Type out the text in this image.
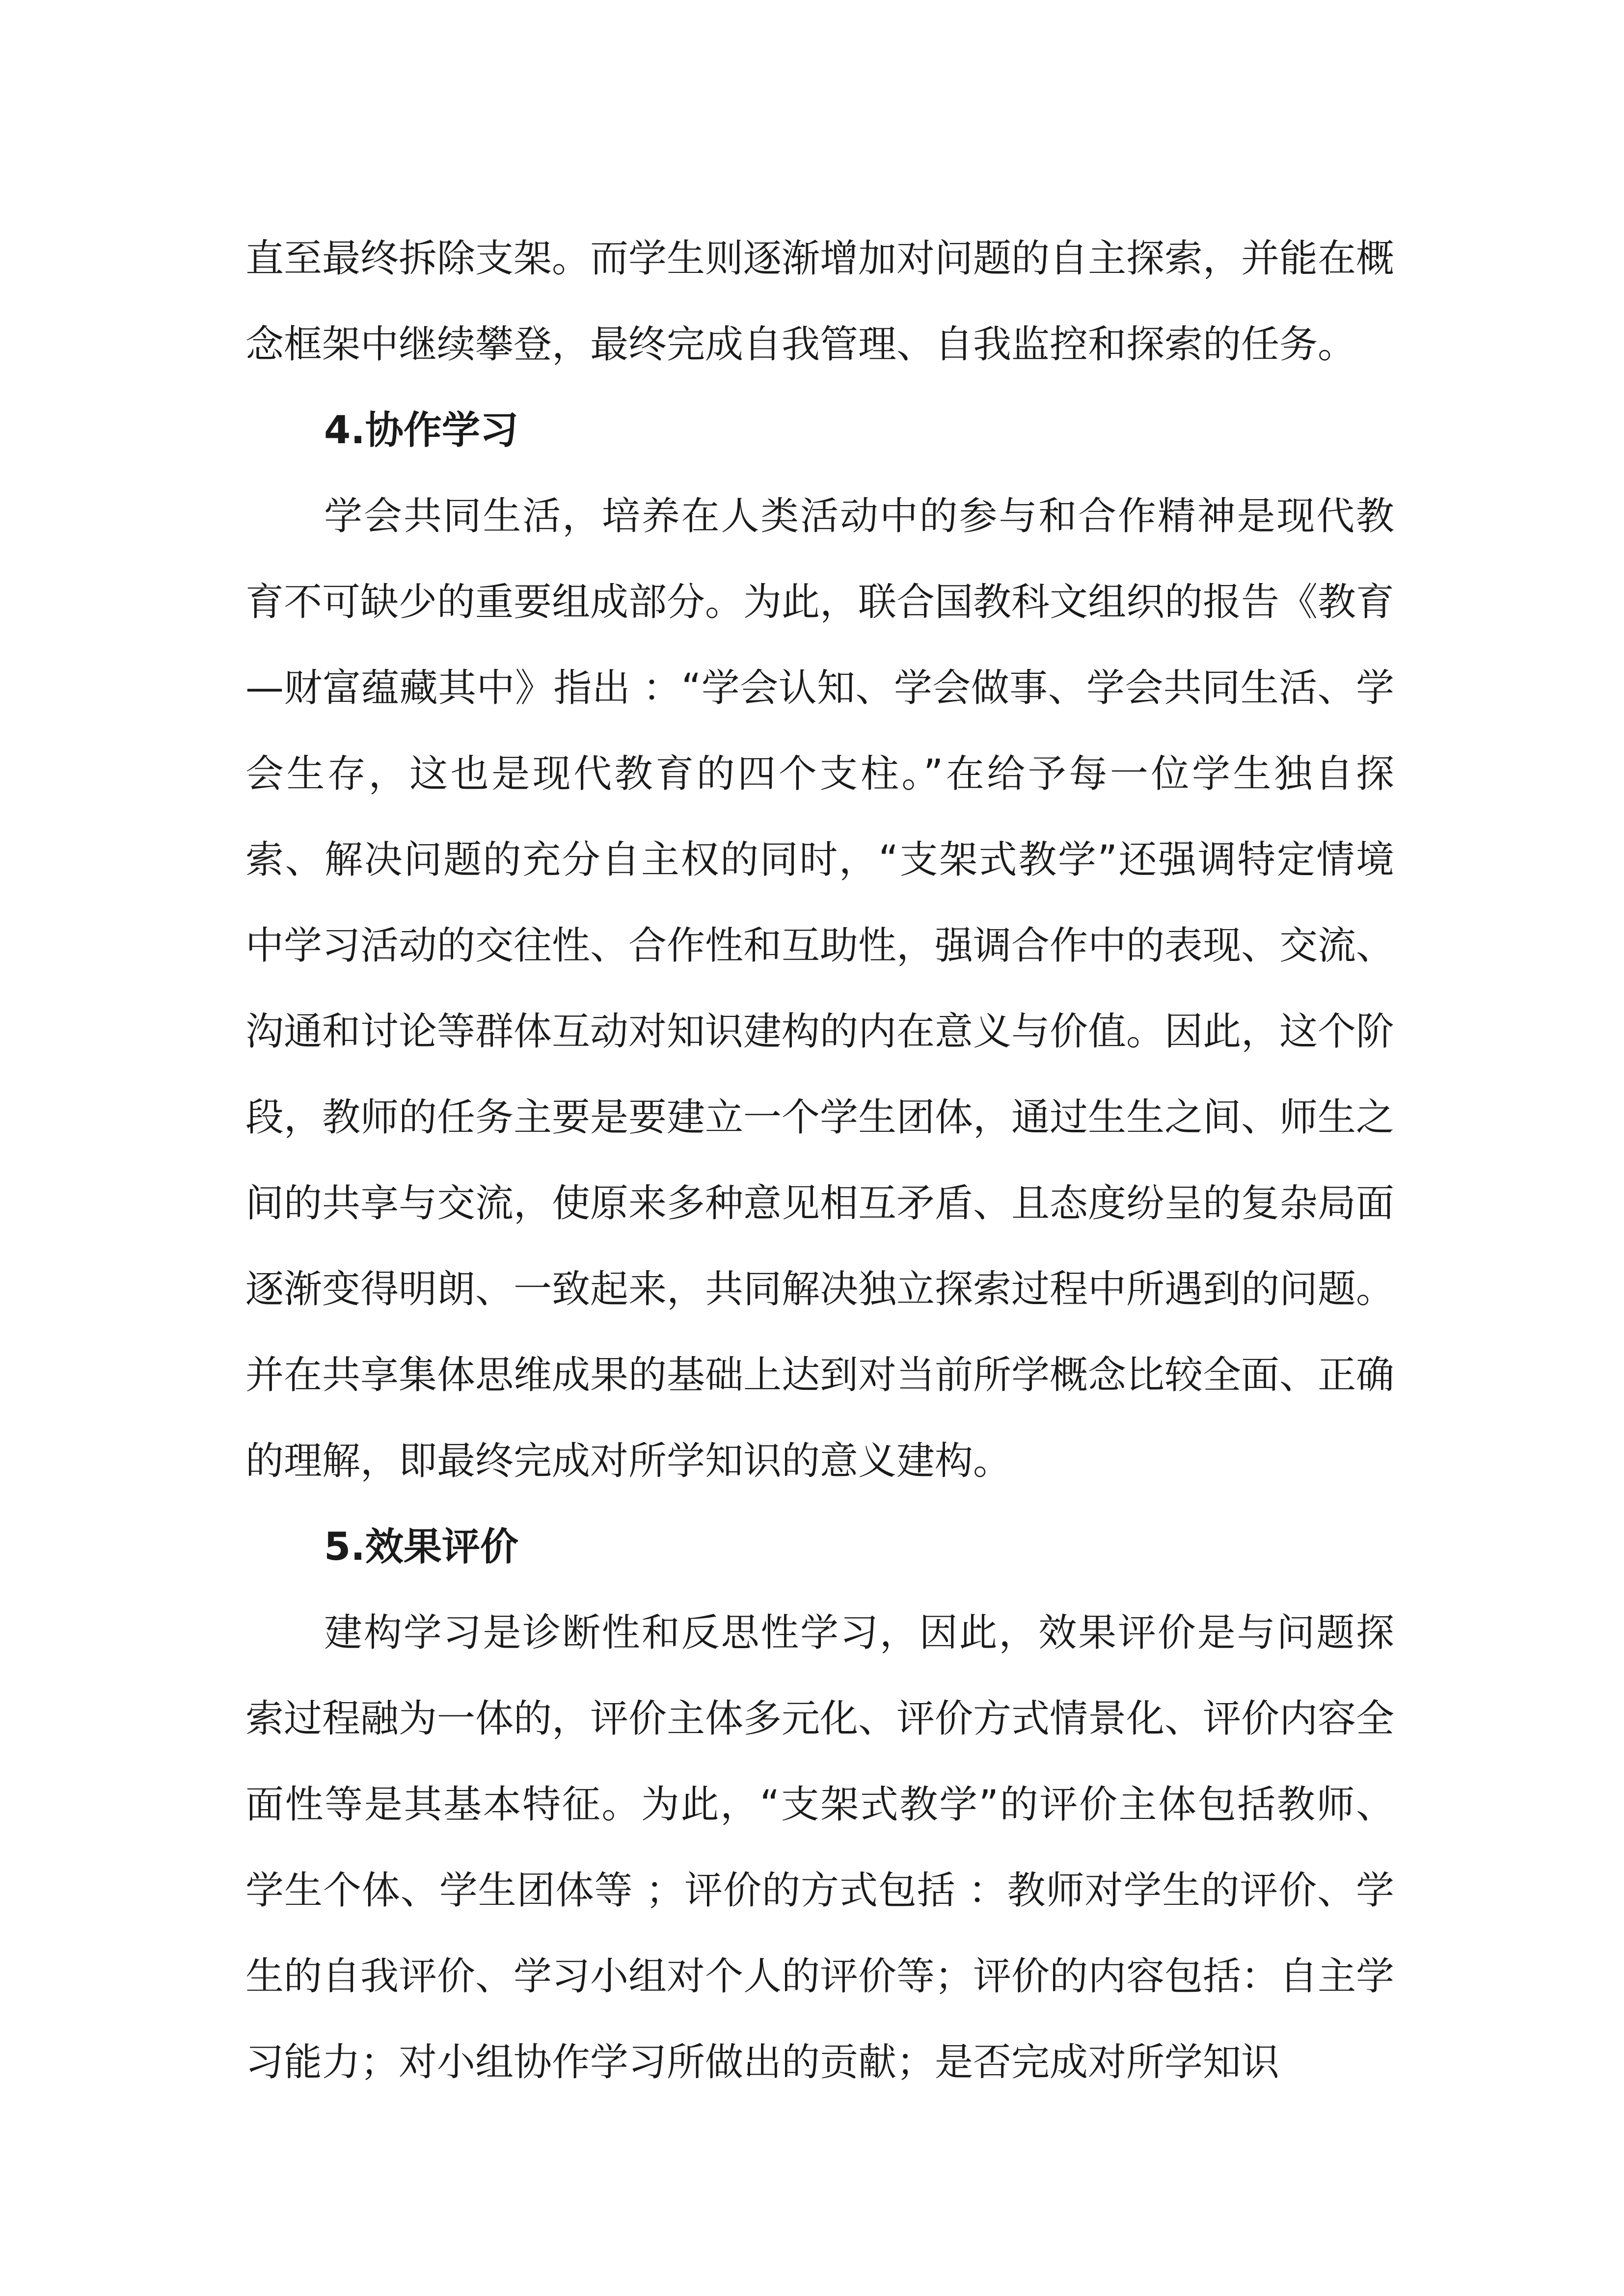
直至最终拆除支架。而学生则逐渐增加对问题的自主探索，并能在概念框架中继续攀登，最终完成自我管理、自我监控和探索的任务。

4.协作学习

学会共同生活，培养在人类活动中的参与和合作精神是现代教育不可缺少的重要组成部分。为此，联合国教科文组织的报告《教育—财富蕴藏其中》指出 ：“学会认知、学会做事、学会共同生活、学会生存，这也是现代教育的四个支柱。”在给予每一位学生独自探索、解决问题的充分自主权的同时，“支架式教学”还强调特定情境中学习活动的交往性、合作性和互助性，强调合作中的表现、交流、沟通和讨论等群体互动对知识建构的内在意义与价值。因此，这个阶段，教师的任务主要是要建立一个学生团体，通过生生之间、师生之间的共享与交流，使原来多种意见相互矛盾、且态度纷呈的复杂局面逐渐变得明朗、一致起来，共同解决独立探索过程中所遇到的问题。并在共享集体思维成果的基础上达到对当前所学概念比较全面、正确的理解，即最终完成对所学知识的意义建构。

5.效果评价

建构学习是诊断性和反思性学习，因此，效果评价是与问题探索过程融为一体的，评价主体多元化、评价方式情景化、评价内容全面性等是其基本特征。为此，“支架式教学”的评价主体包括教师、学生个体、学生团体等 ；评价的方式包括 ：教师对学生的评价、学生的自我评价、学习小组对个人的评价等；评价的内容包括：自主学习能力；对小组协作学习所做出的贡献；是否完成对所学知识
